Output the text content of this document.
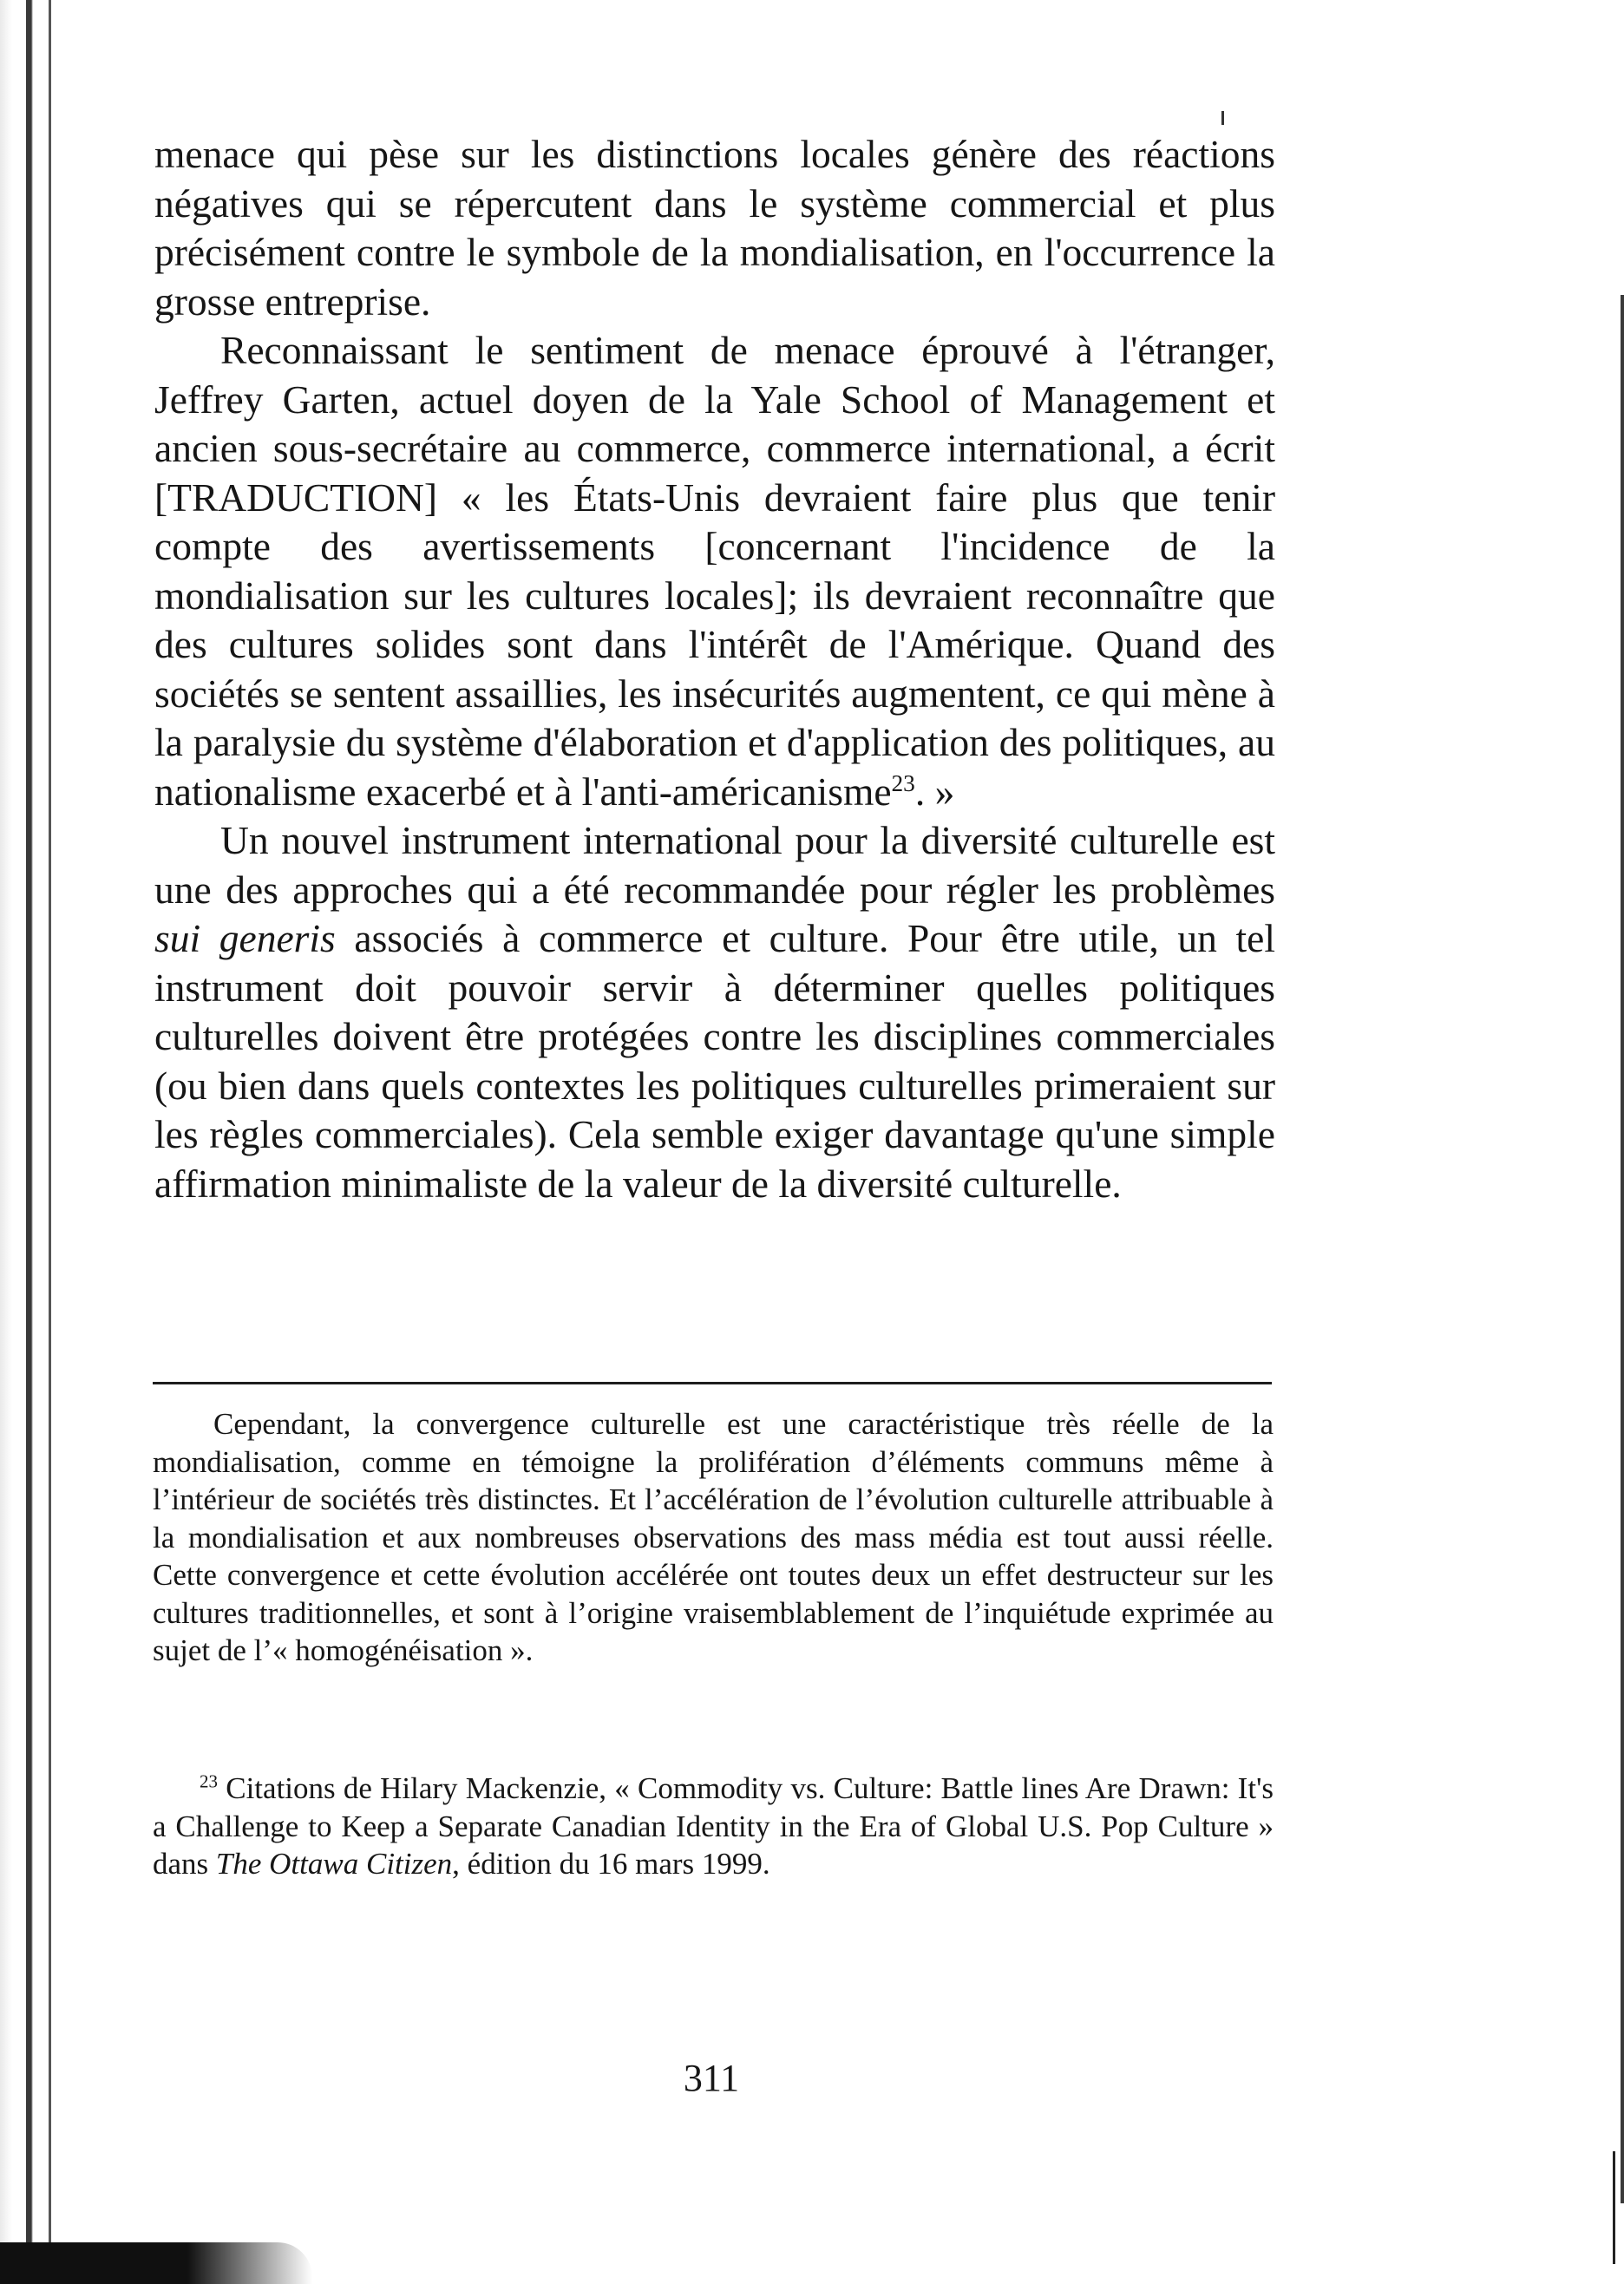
menace qui pèse sur les distinctions locales génère des réactions négatives qui se répercutent dans le système commercial et plus précisément contre le symbole de la mondialisation, en l'occurrence la grosse entreprise.

Reconnaissant le sentiment de menace éprouvé à l'étranger, Jeffrey Garten, actuel doyen de la Yale School of Management et ancien sous-secrétaire au commerce, commerce international, a écrit [TRADUCTION] « les États-Unis devraient faire plus que tenir compte des avertissements [concernant l'incidence de la mondialisation sur les cultures locales]; ils devraient reconnaître que des cultures solides sont dans l'intérêt de l'Amérique. Quand des sociétés se sentent assaillies, les insécurités augmentent, ce qui mène à la paralysie du système d'élaboration et d'application des politiques, au nationalisme exacerbé et à l'anti-américanisme$^{23}$. »

Un nouvel instrument international pour la diversité culturelle est une des approches qui a été recommandée pour régler les problèmes sui generis associés à commerce et culture. Pour être utile, un tel instrument doit pouvoir servir à déterminer quelles politiques culturelles doivent être protégées contre les disciplines commerciales (ou bien dans quels contextes les politiques culturelles primeraient sur les règles commerciales). Cela semble exiger davantage qu'une simple affirmation minimaliste de la valeur de la diversité culturelle.

Cependant, la convergence culturelle est une caractéristique très réelle de la mondialisation, comme en témoigne la prolifération d’éléments communs même à l’intérieur de sociétés très distinctes. Et l’accélération de l’évolution culturelle attribuable à la mondialisation et aux nombreuses observations des mass média est tout aussi réelle. Cette convergence et cette évolution accélérée ont toutes deux un effet destructeur sur les cultures traditionnelles, et sont à l’origine vraisemblablement de l’inquiétude exprimée au sujet de l’« homogénéisation ».

$^{23}$ Citations de Hilary Mackenzie, « Commodity vs. Culture: Battle lines Are Drawn: It's a Challenge to Keep a Separate Canadian Identity in the Era of Global U.S. Pop Culture » dans The Ottawa Citizen, édition du 16 mars 1999.

311
